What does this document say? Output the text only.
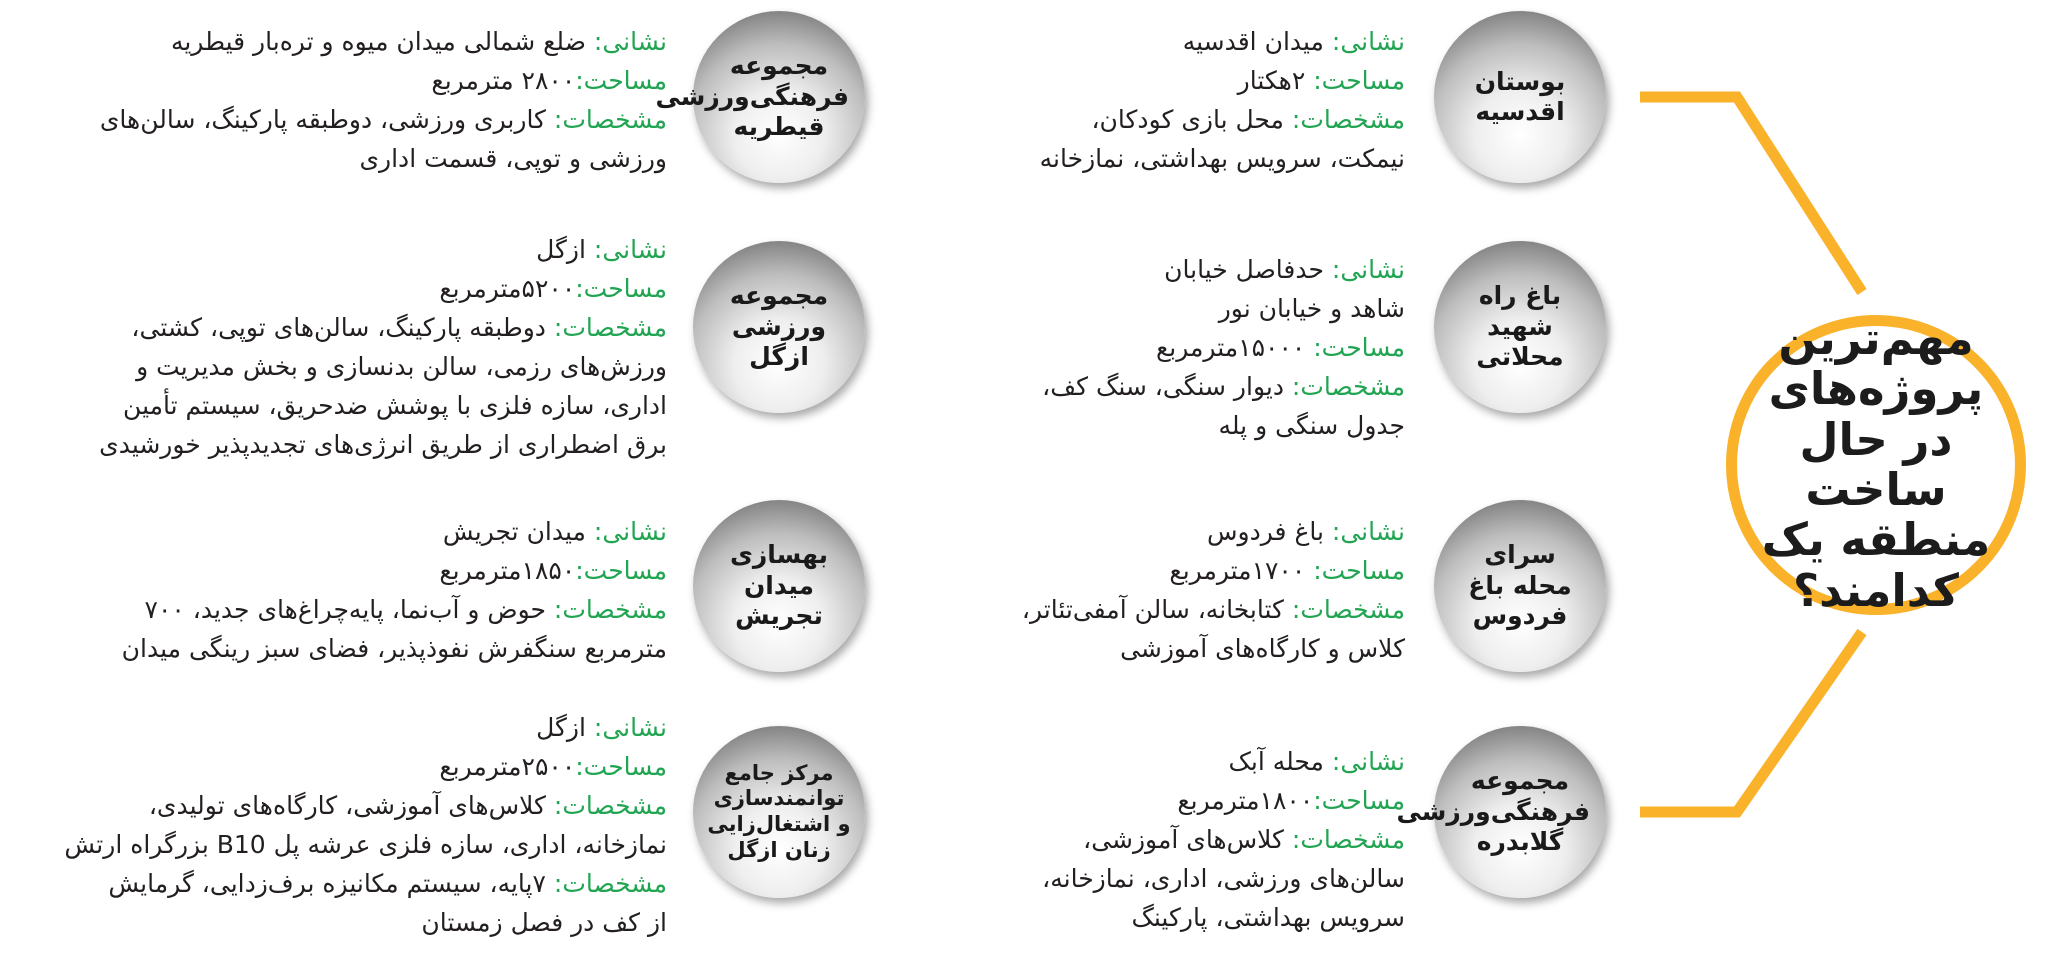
مهم‌ترین پروژه‌های در حال ساخت منطقه یک کدامند؟
بوستان اقدسیه
باغ راه شهید محلاتی
سرای محله باغ فردوس
مجموعه فرهنگی‌ورزشی گلابدره
مجموعه فرهنگی‌ورزشی قیطریه
مجموعه ورزشی ازگل
بهسازی میدان تجریش
مرکز جامع توانمندسازی و اشتغال‌زایی زنان ازگل
نشانی: میدان اقدسیه
مساحت: ۲هکتار
مشخصات: محل بازی کودکان،
نیمکت، سرویس بهداشتی، نمازخانه
نشانی: حدفاصل خیابان
شاهد و خیابان نور
مساحت: ۱۵۰۰۰مترمربع
مشخصات: دیوار سنگی، سنگ کف،
جدول سنگی و پله
نشانی: باغ فردوس
مساحت: ۱۷۰۰مترمربع
مشخصات: کتابخانه، سالن آمفی‌تئاتر،
کلاس و کارگاه‌های آموزشی
نشانی: محله آبک
مساحت:۱۸۰۰مترمربع
مشخصات: کلاس‌های آموزشی،
سالن‌های ورزشی، اداری، نمازخانه،
سرویس بهداشتی، پارکینگ
نشانی: ضلع شمالی میدان میوه و تره‌بار قیطریه
مساحت:۲۸۰۰ مترمربع
مشخصات: کاربری ورزشی، دوطبقه پارکینگ، سالن‌های
ورزشی و توپی، قسمت اداری
نشانی: ازگل
مساحت:۵۲۰۰مترمربع
مشخصات: دوطبقه پارکینگ، سالن‌های توپی، کشتی،
ورزش‌های رزمی، سالن بدنسازی و بخش مدیریت و
اداری، سازه فلزی با پوشش ضدحریق، سیستم تأمین
برق اضطراری از طریق انرژی‌های تجدیدپذیر خورشیدی
نشانی: میدان تجریش
مساحت:۱۸۵۰مترمربع
مشخصات: حوض و آب‌نما، پایه‌چراغ‌های جدید، ۷۰۰
مترمربع سنگفرش نفوذپذیر، فضای سبز رینگی میدان
نشانی: ازگل
مساحت:۲۵۰۰مترمربع
مشخصات: کلاس‌های آموزشی، کارگاه‌های تولیدی،
نمازخانه، اداری، سازه فلزی عرشه پل B10 بزرگراه ارتش
مشخصات: ۷پایه، سیستم مکانیزه برف‌زدایی، گرمایش
از کف در فصل زمستان
